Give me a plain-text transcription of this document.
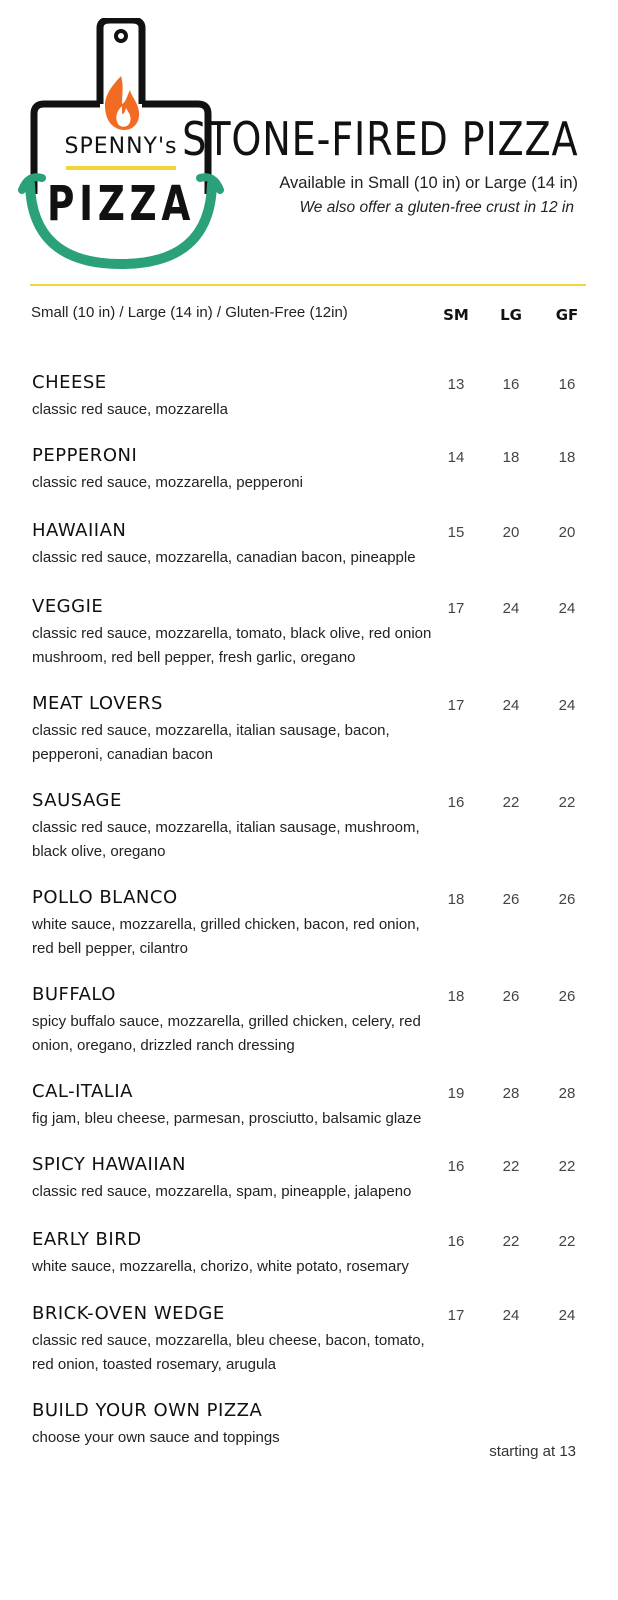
SPENNY's
PIZZA
STONE-FIRED PIZZA
Available in Small (10 in) or Large (14 in)
We also offer a gluten-free crust in 12 in
Small (10 in) / Large (14 in) / Gluten-Free (12in)	SM	LG	GF
CHEESE
classic red sauce, mozzarella
13	16	16
PEPPERONI
classic red sauce, mozzarella, pepperoni
14	18	18
HAWAIIAN
classic red sauce, mozzarella, canadian bacon, pineapple
15	20	20
VEGGIE
classic red sauce, mozzarella, tomato, black olive, red onion mushroom, red bell pepper, fresh garlic, oregano
17	24	24
MEAT LOVERS
classic red sauce, mozzarella, italian sausage, bacon, pepperoni, canadian bacon
17	24	24
SAUSAGE
classic red sauce, mozzarella, italian sausage, mushroom, black olive, oregano
16	22	22
POLLO BLANCO
white sauce, mozzarella, grilled chicken, bacon, red onion, red bell pepper, cilantro
18	26	26
BUFFALO
spicy buffalo sauce, mozzarella, grilled chicken, celery, red onion, oregano, drizzled ranch dressing
18	26	26
CAL-ITALIA
fig jam, bleu cheese, parmesan, prosciutto, balsamic glaze
19	28	28
SPICY HAWAIIAN
classic red sauce, mozzarella, spam, pineapple, jalapeno
16	22	22
EARLY BIRD
white sauce, mozzarella, chorizo, white potato, rosemary
16	22	22
BRICK-OVEN WEDGE
classic red sauce, mozzarella, bleu cheese, bacon, tomato, red onion, toasted rosemary, arugula
17	24	24
BUILD YOUR OWN PIZZA
choose your own sauce and toppings
starting at 13
